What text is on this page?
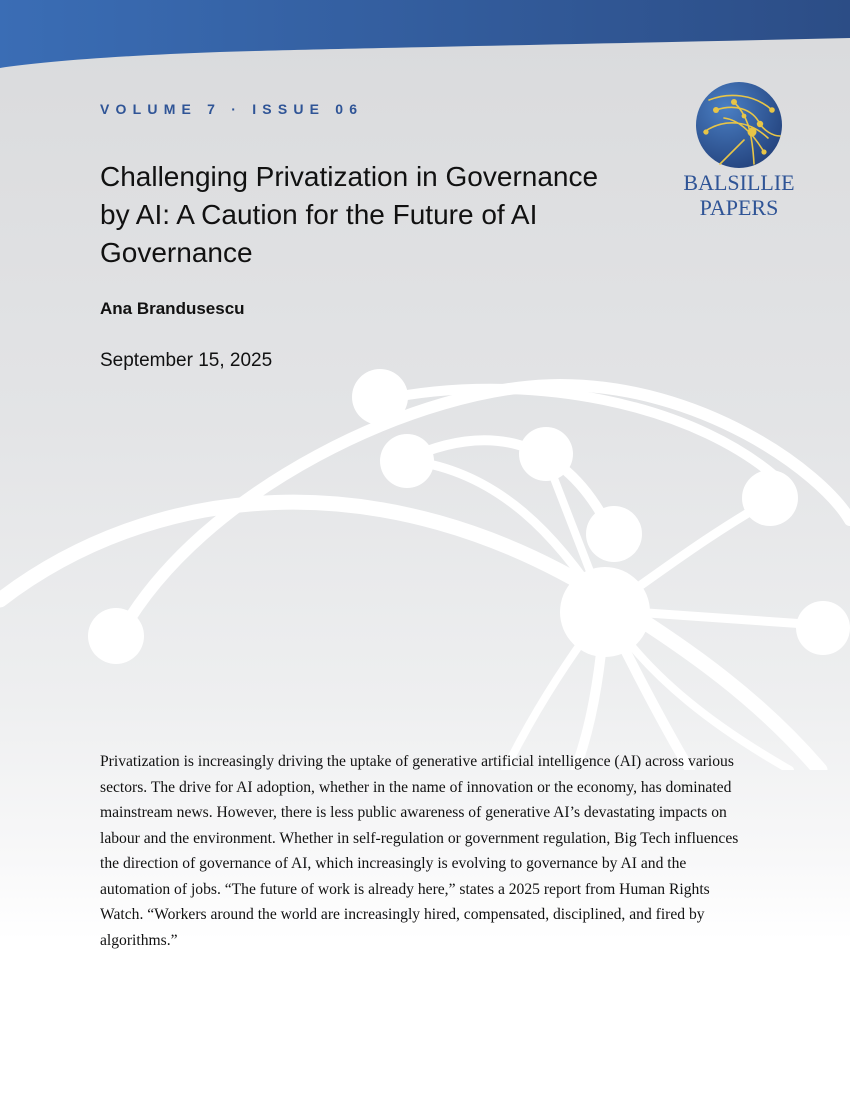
VOLUME 7 · ISSUE 06
Challenging Privatization in Governance by AI: A Caution for the Future of AI Governance
Ana Brandusescu
September 15, 2025
BALSILLIE
PAPERS

Privatization is increasingly driving the uptake of generative artificial intelligence (AI) across various sectors. The drive for AI adoption, whether in the name of innovation or the economy, has dominated mainstream news. However, there is less public awareness of generative AI’s devastating impacts on labour and the environment. Whether in self-regulation or government regulation, Big Tech influences the direction of governance of AI, which increasingly is evolving to governance by AI and the automation of jobs. “The future of work is already here,” states a 2025 report from Human Rights Watch. “Workers around the world are increasingly hired, compensated, disciplined, and fired by algorithms.”
